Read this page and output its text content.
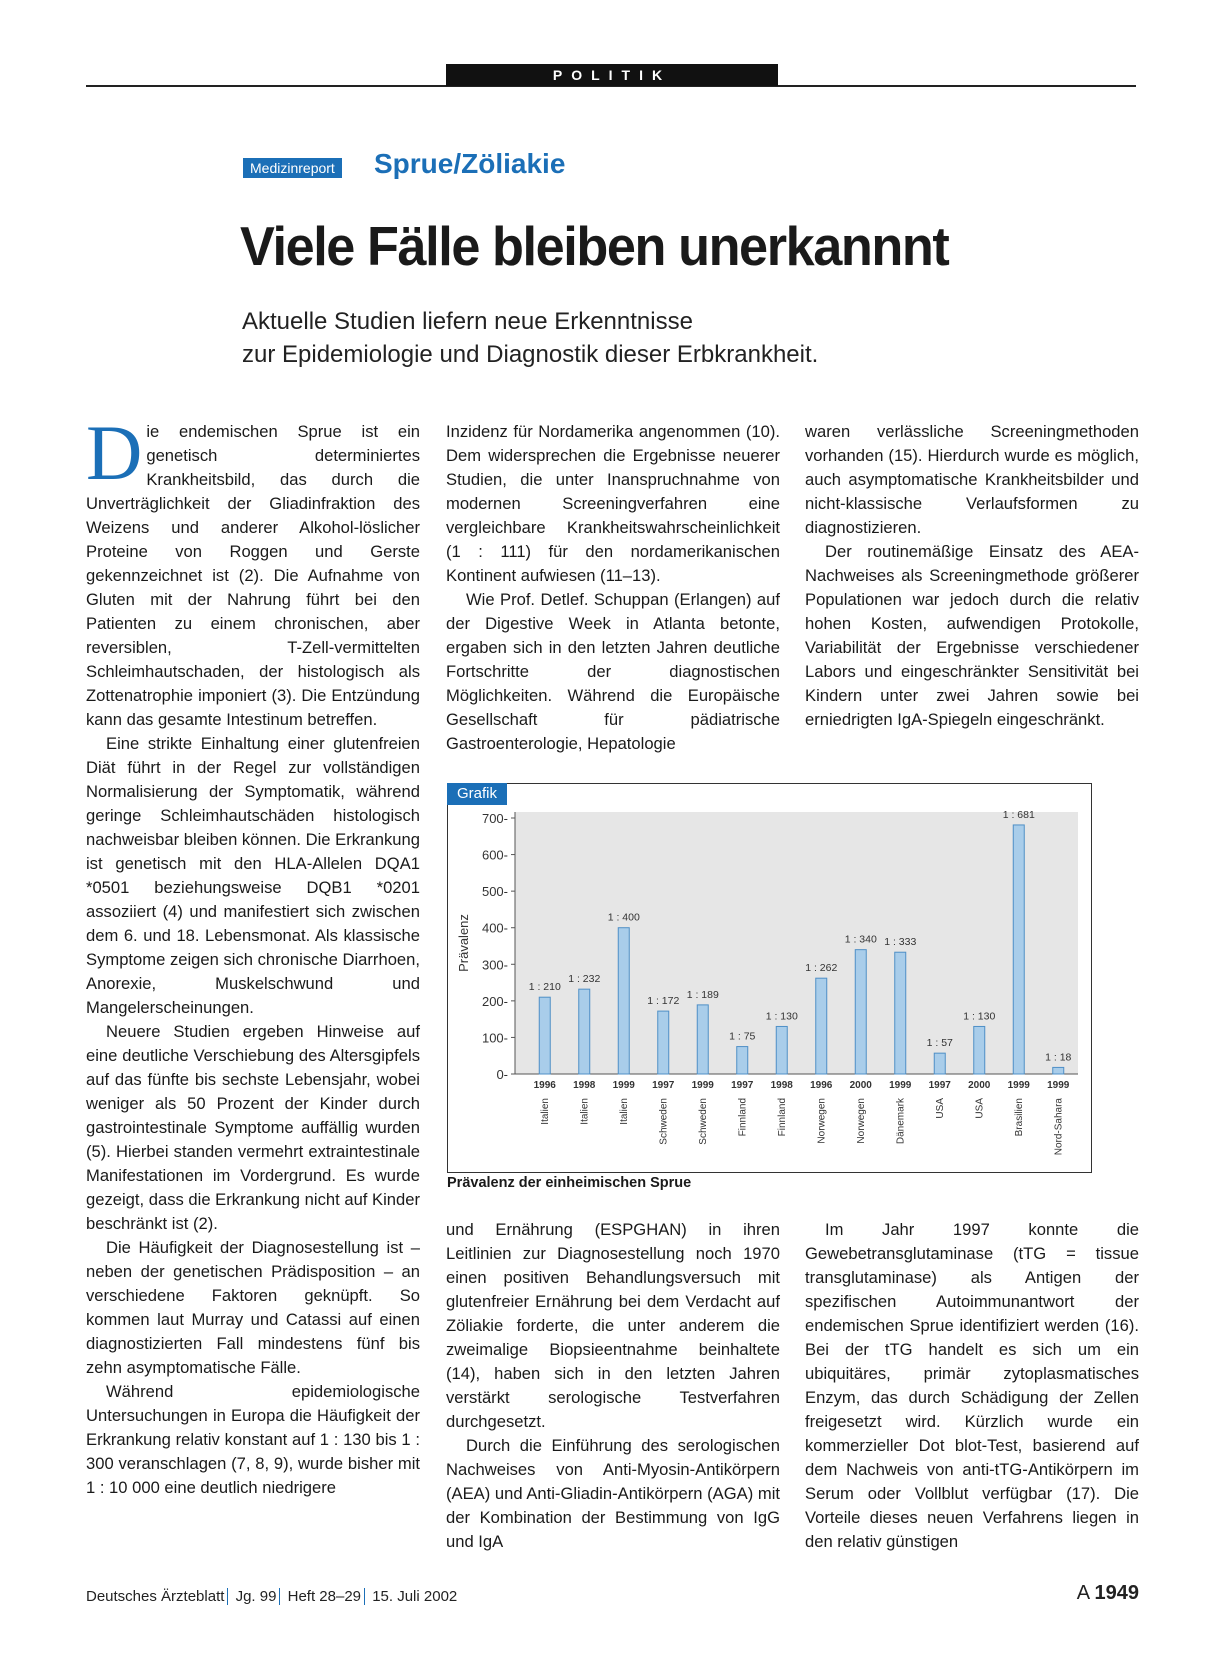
POLITIK
Medizinreport Sprue/Zöliakie
Viele Fälle bleiben unerkannnt
Aktuelle Studien liefern neue Erkenntnisse
zur Epidemiologie und Diagnostik dieser Erbkrankheit.

Die endemischen Sprue ist ein genetisch determiniertes Krankheitsbild, das durch die Unverträglichkeit der Gliadinfraktion des Weizens und anderer Alkohol-löslicher Proteine von Roggen und Gerste gekennzeichnet ist (2). Die Aufnahme von Gluten mit der Nahrung führt bei den Patienten zu einem chronischen, aber reversiblen, T-Zell-vermittelten Schleimhautschaden, der histologisch als Zottenatrophie imponiert (3). Die Entzündung kann das gesamte Intestinum betreffen.

Eine strikte Einhaltung einer glutenfreien Diät führt in der Regel zur vollständigen Normalisierung der Symptomatik, während geringe Schleimhautschäden histologisch nachweisbar bleiben können. Die Erkrankung ist genetisch mit den HLA-Allelen DQA1 *0501 beziehungsweise DQB1 *0201 assoziiert (4) und manifestiert sich zwischen dem 6. und 18. Lebensmonat. Als klassische Symptome zeigen sich chronische Diarrhoen, Anorexie, Muskelschwund und Mangelerscheinungen.

Neuere Studien ergeben Hinweise auf eine deutliche Verschiebung des Altersgipfels auf das fünfte bis sechste Lebensjahr, wobei weniger als 50 Prozent der Kinder durch gastrointestinale Symptome auffällig wurden (5). Hierbei standen vermehrt extraintestinale Manifestationen im Vordergrund. Es wurde gezeigt, dass die Erkrankung nicht auf Kinder beschränkt ist (2).

Die Häufigkeit der Diagnosestellung ist – neben der genetischen Prädisposition – an verschiedene Faktoren geknüpft. So kommen laut Murray und Catassi auf einen diagnostizierten Fall mindestens fünf bis zehn asymptomatische Fälle.

Während epidemiologische Untersuchungen in Europa die Häufigkeit der Erkrankung relativ konstant auf 1 : 130 bis 1 : 300 veranschlagen (7, 8, 9), wurde bisher mit 1 : 10 000 eine deutlich niedrigere

Inzidenz für Nordamerika angenommen (10). Dem widersprechen die Ergebnisse neuerer Studien, die unter Inanspruchnahme von modernen Screeningverfahren eine vergleichbare Krankheitswahrscheinlichkeit (1 : 111) für den nordamerikanischen Kontinent aufwiesen (11–13).

Wie Prof. Detlef. Schuppan (Erlangen) auf der Digestive Week in Atlanta betonte, ergaben sich in den letzten Jahren deutliche Fortschritte der diagnostischen Möglichkeiten. Während die Europäische Gesellschaft für pädiatrische Gastroenterologie, Hepatologie

waren verlässliche Screeningmethoden vorhanden (15). Hierdurch wurde es möglich, auch asymptomatische Krankheitsbilder und nicht-klassische Verlaufsformen zu diagnostizieren.

Der routinemäßige Einsatz des AEA-Nachweises als Screeningmethode größerer Populationen war jedoch durch die relativ hohen Kosten, aufwendigen Protokolle, Variabilität der Ergebnisse verschiedener Labors und eingeschränkter Sensitivität bei Kindern unter zwei Jahren sowie bei erniedrigten IgA-Spiegeln eingeschränkt.

0-
100-
200-
300-
400-
500-
600-
700-
Prävalenz
1 : 210
1996
Italien
1 : 232
1998
Italien
1 : 400
1999
Italien
1 : 172
1997
Schweden
1 : 189
1999
Schweden
1 : 75
1997
Finnland
1 : 130
1998
Finnland
1 : 262
1996
Norwegen
1 : 340
2000
Norwegen
1 : 333
1999
Dänemark
1 : 57
1997
USA
1 : 130
2000
USA
1 : 681
1999
Brasilien
1 : 18
1999
Nord-Sahara
Grafik
Prävalenz der einheimischen Sprue

und Ernährung (ESPGHAN) in ihren Leitlinien zur Diagnosestellung noch 1970 einen positiven Behandlungsversuch mit glutenfreier Ernährung bei dem Verdacht auf Zöliakie forderte, die unter anderem die zweimalige Biopsieentnahme beinhaltete (14), haben sich in den letzten Jahren verstärkt serologische Testverfahren durchgesetzt.

Durch die Einführung des serologischen Nachweises von Anti-Myosin-Antikörpern (AEA) und Anti-Gliadin-Antikörpern (AGA) mit der Kombination der Bestimmung von IgG und IgA

Im Jahr 1997 konnte die Gewebetransglutaminase (tTG = tissue transglutaminase) als Antigen der spezifischen Autoimmunantwort der endemischen Sprue identifiziert werden (16). Bei der tTG handelt es sich um ein ubiquitäres, primär zytoplasmatisches Enzym, das durch Schädigung der Zellen freigesetzt wird. Kürzlich wurde ein kommerzieller Dot blot-Test, basierend auf dem Nachweis von anti-tTG-Antikörpern im Serum oder Vollblut verfügbar (17). Die Vorteile dieses neuen Verfahrens liegen in den relativ günstigen

Deutsches Ärzteblatt Jg. 99 Heft 28–29 15. Juli 2002	A 1949
